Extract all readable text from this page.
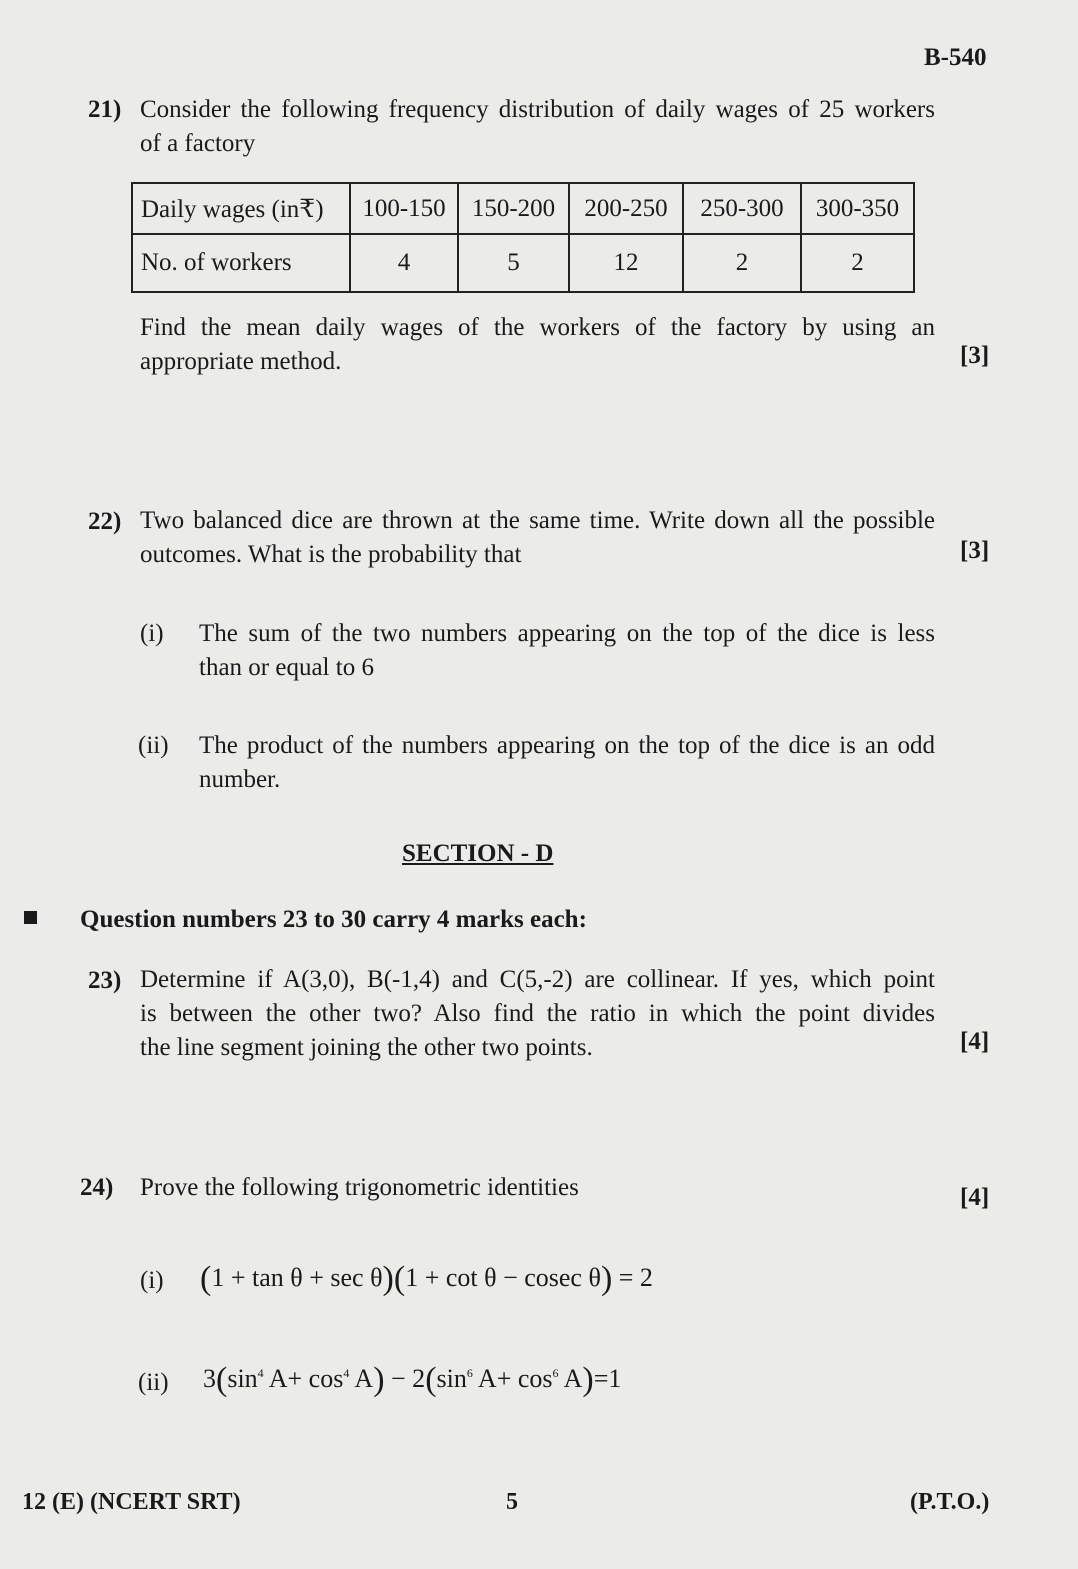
B-540
21) Consider the following frequency distribution of daily wages of 25 workers
of a factory
Daily wages (in₹)	100-150	150-200	200-250	250-300	300-350
No. of workers	4	5	12	2	2
Find the mean daily wages of the workers of the factory by using an
appropriate method.	[3]
22) Two balanced dice are thrown at the same time. Write down all the possible
outcomes. What is the probability that	[3]
(i) The sum of the two numbers appearing on the top of the dice is less
than or equal to 6
(ii) The product of the numbers appearing on the top of the dice is an odd
number.
SECTION - D
Question numbers 23 to 30 carry 4 marks each:
23) Determine if A(3,0), B(-1,4) and C(5,-2) are collinear. If yes, which point
is between the other two? Also find the ratio in which the point divides
the line segment joining the other two points.	[4]
24) Prove the following trigonometric identities	[4]
(i) (1 + tan θ + sec θ)(1 + cot θ − cosec θ) = 2
(ii) $3(\sin^4$ $A+ \cos^4 A) - 2(\sin^6$ $A+ \cos^6 A)=1$
12 (E) (NCERT SRT)	5	(P.T.O.)
